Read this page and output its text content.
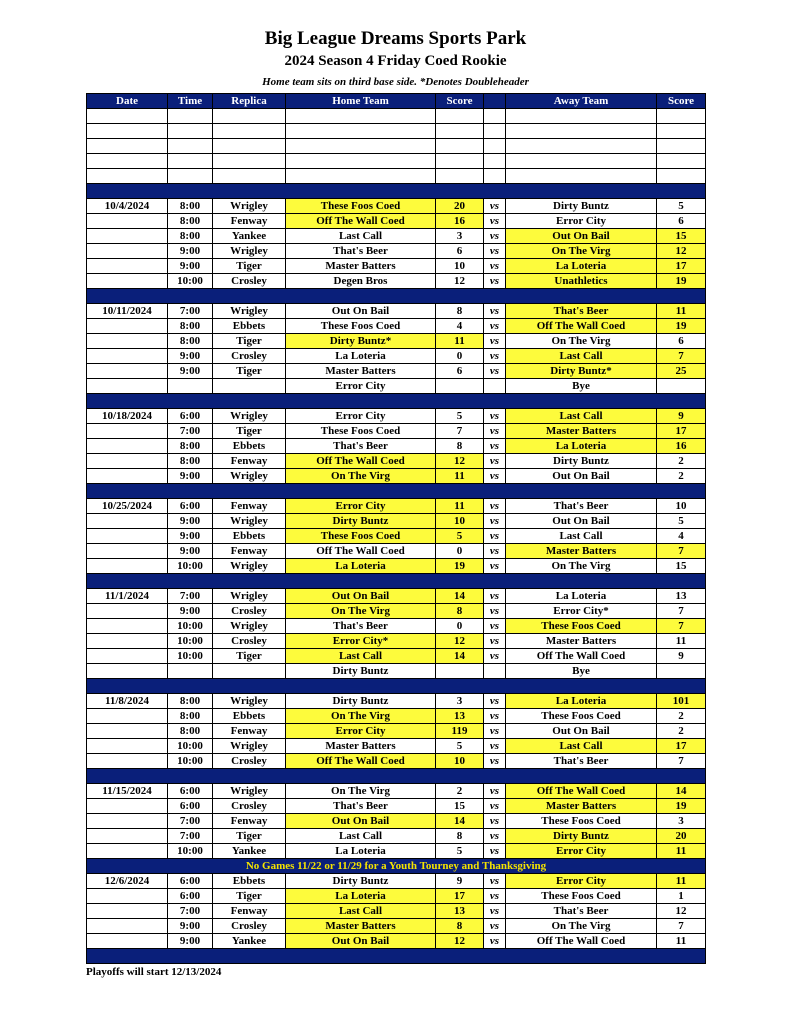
Big League Dreams Sports Park
2024 Season 4 Friday Coed Rookie
Home team sits on third base side. *Denotes Doubleheader
Date	Time	Replica	Home Team	Score		Away Team	Score

10/4/2024	8:00	Wrigley	These Foos Coed	20	vs	Dirty Buntz	5
	8:00	Fenway	Off The Wall Coed	16	vs	Error City	6
	8:00	Yankee	Last Call	3	vs	Out On Bail	15
	9:00	Wrigley	That's Beer	6	vs	On The Virg	12
	9:00	Tiger	Master Batters	10	vs	La Loteria	17
	10:00	Crosley	Degen Bros	12	vs	Unathletics	19

10/11/2024	7:00	Wrigley	Out On Bail	8	vs	That's Beer	11
	8:00	Ebbets	These Foos Coed	4	vs	Off The Wall Coed	19
	8:00	Tiger	Dirty Buntz*	11	vs	On The Virg	6
	9:00	Crosley	La Loteria	0	vs	Last Call	7
	9:00	Tiger	Master Batters	6	vs	Dirty Buntz*	25
			Error City			Bye	

10/18/2024	6:00	Wrigley	Error City	5	vs	Last Call	9
	7:00	Tiger	These Foos Coed	7	vs	Master Batters	17
	8:00	Ebbets	That's Beer	8	vs	La Loteria	16
	8:00	Fenway	Off The Wall Coed	12	vs	Dirty Buntz	2
	9:00	Wrigley	On The Virg	11	vs	Out On Bail	2

10/25/2024	6:00	Fenway	Error City	11	vs	That's Beer	10
	9:00	Wrigley	Dirty Buntz	10	vs	Out On Bail	5
	9:00	Ebbets	These Foos Coed	5	vs	Last Call	4
	9:00	Fenway	Off The Wall Coed	0	vs	Master Batters	7
	10:00	Wrigley	La Loteria	19	vs	On The Virg	15

11/1/2024	7:00	Wrigley	Out On Bail	14	vs	La Loteria	13
	9:00	Crosley	On The Virg	8	vs	Error City*	7
	10:00	Wrigley	That's Beer	0	vs	These Foos Coed	7
	10:00	Crosley	Error City*	12	vs	Master Batters	11
	10:00	Tiger	Last Call	14	vs	Off The Wall Coed	9
			Dirty Buntz			Bye	

11/8/2024	8:00	Wrigley	Dirty Buntz	3	vs	La Loteria	101
	8:00	Ebbets	On The Virg	13	vs	These Foos Coed	2
	8:00	Fenway	Error City	119	vs	Out On Bail	2
	10:00	Wrigley	Master Batters	5	vs	Last Call	17
	10:00	Crosley	Off The Wall Coed	10	vs	That's Beer	7

11/15/2024	6:00	Wrigley	On The Virg	2	vs	Off The Wall Coed	14
	6:00	Crosley	That's Beer	15	vs	Master Batters	19
	7:00	Fenway	Out On Bail	14	vs	These Foos Coed	3
	7:00	Tiger	Last Call	8	vs	Dirty Buntz	20
	10:00	Yankee	La Loteria	5	vs	Error City	11
No Games 11/22 or 11/29 for a Youth Tourney and Thanksgiving							
12/6/2024	6:00	Ebbets	Dirty Buntz	9	vs	Error City	11
	6:00	Tiger	La Loteria	17	vs	These Foos Coed	1
	7:00	Fenway	Last Call	13	vs	That's Beer	12
	9:00	Crosley	Master Batters	8	vs	On The Virg	7
	9:00	Yankee	Out On Bail	12	vs	Off The Wall Coed	11

Playoffs will start 12/13/2024
